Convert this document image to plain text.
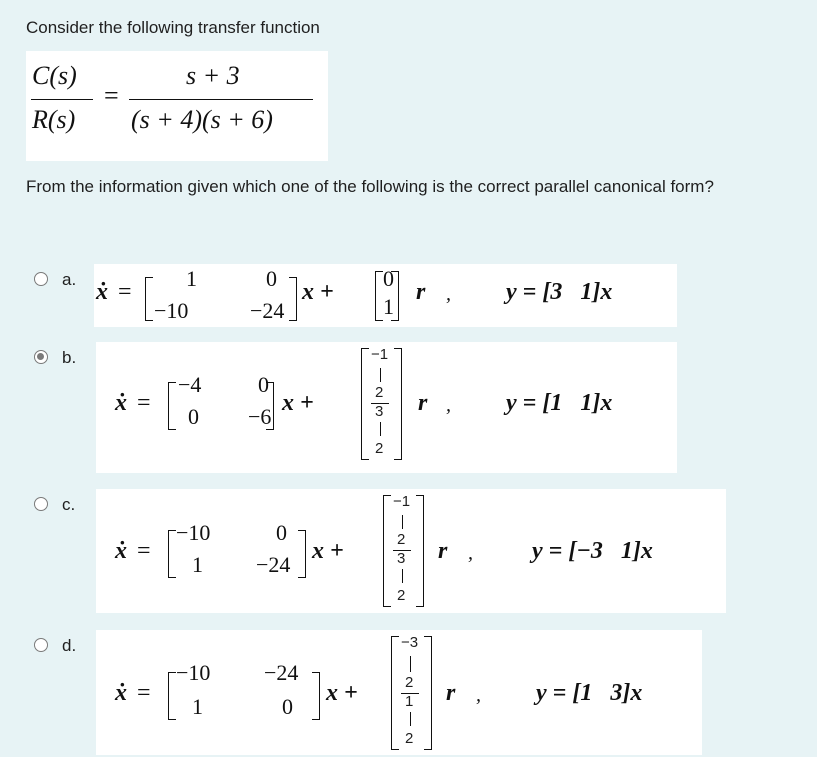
Consider the following transfer function
C(s)
R(s)
=
s + 3
(s + 4)(s + 6)
From the information given which one of the following is the correct parallel canonical form?
a. ẋ =
1	0
−10	−24
x +
0
1
r , y = [3   1]x
b.
ẋ =
−4	0
0 −6
x +
−1
2
3
2
r , y = [1   1]x
c.
ẋ =
−10	0
1 −24
x +
−1
2
3
2
r , y = [−3   1]x
d.
ẋ =
−10 −24
1	0
x +
−3
2
1
2
r , y = [1   3]x
